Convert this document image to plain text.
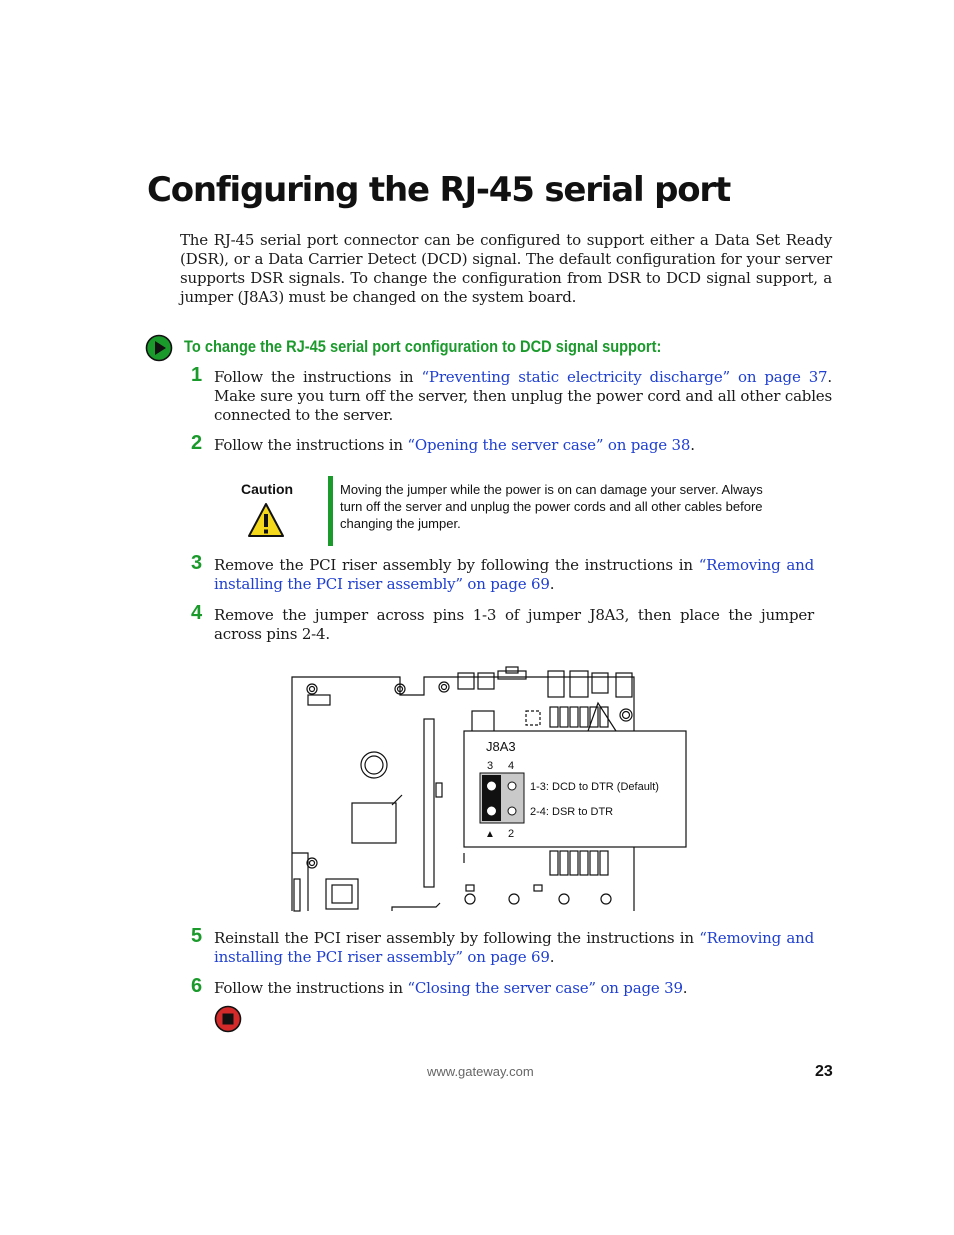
Configuring the RJ-45 serial port

The RJ-45 serial port connector can be configured to support either a Data Set Ready (DSR), or a Data Carrier Detect (DCD) signal. The default configuration for your server supports DSR signals. To change the configuration from DSR to DCD signal support, a jumper (J8A3) must be changed on the system board.

To change the RJ-45 serial port configuration to DCD signal support:
1 Follow the instructions in “Preventing static electricity discharge” on page 37. Make sure you turn off the server, then unplug the power cord and all other cables connected to the server.

2 Follow the instructions in “Opening the server case” on page 38.

Caution	Moving the jumper while the power is on can damage your server. Always turn off the server and unplug the power cords and all other cables before changing the jumper.

3 Remove the PCI riser assembly by following the instructions in “Removing and installing the PCI riser assembly” on page 69.

4 Remove the jumper across pins 1-3 of jumper J8A3, then place the jumper across pins 2-4.

J8A3
3 4
1-3: DCD to DTR (Default)
2-4: DSR to DTR
▲ 2
5 Reinstall the PCI riser assembly by following the instructions in “Removing and installing the PCI riser assembly” on page 69.

6 Follow the instructions in “Closing the server case” on page 39.

www.gateway.com	23
